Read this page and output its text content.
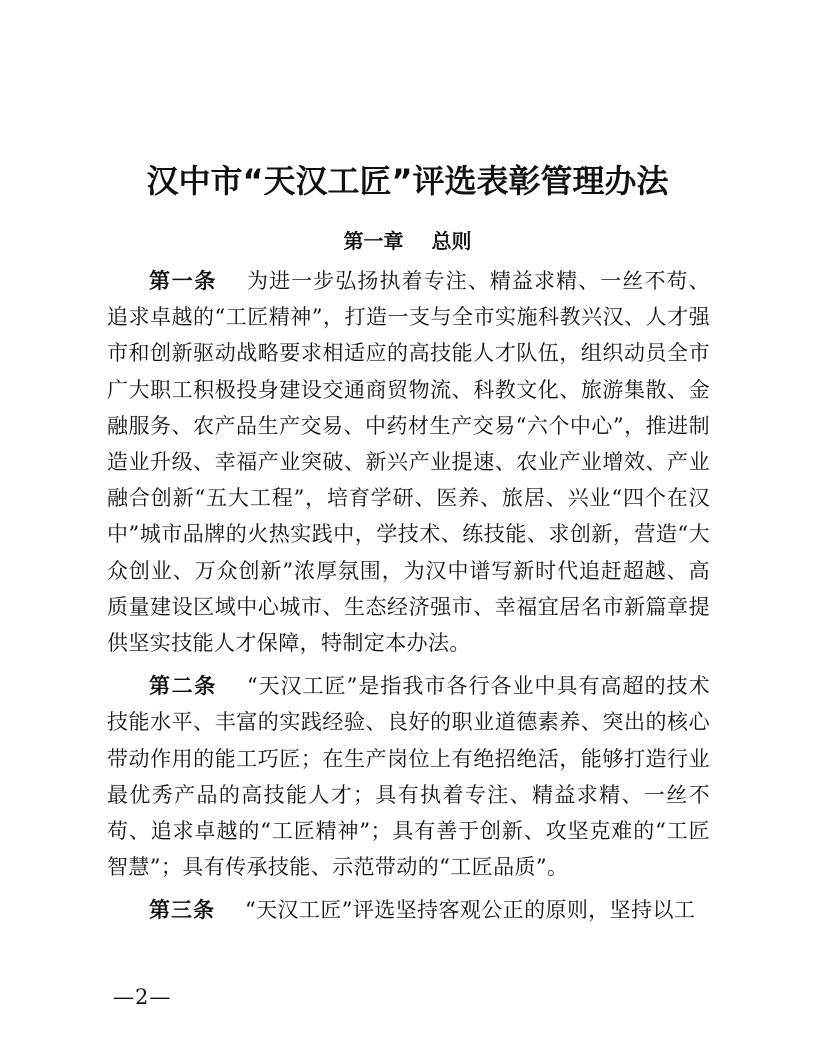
汉中市“天汉工匠”评选表彰管理办法
第一章 总则

第一条 为进一步弘扬执着专注、精益求精、一丝不苟、追求卓越的“工匠精神”，打造一支与全市实施科教兴汉、人才强市和创新驱动战略要求相适应的高技能人才队伍，组织动员全市广大职工积极投身建设交通商贸物流、科教文化、旅游集散、金融服务、农产品生产交易、中药材生产交易“六个中心”，推进制造业升级、幸福产业突破、新兴产业提速、农业产业增效、产业融合创新“五大工程”，培育学研、医养、旅居、兴业“四个在汉中”城市品牌的火热实践中，学技术、练技能、求创新，营造“大众创业、万众创新”浓厚氛围，为汉中谱写新时代追赶超越、高质量建设区域中心城市、生态经济强市、幸福宜居名市新篇章提供坚实技能人才保障，特制定本办法。

第二条 “天汉工匠”是指我市各行各业中具有高超的技术技能水平、丰富的实践经验、良好的职业道德素养、突出的核心带动作用的能工巧匠；在生产岗位上有绝招绝活，能够打造行业最优秀产品的高技能人才；具有执着专注、精益求精、一丝不苟、追求卓越的“工匠精神”；具有善于创新、攻坚克难的“工匠智慧”；具有传承技能、示范带动的“工匠品质”。

第三条 “天汉工匠”评选坚持客观公正的原则，坚持以工

—2—
